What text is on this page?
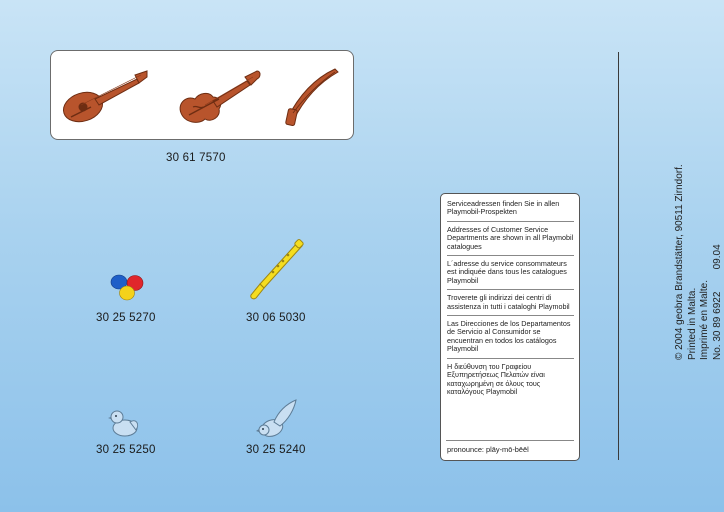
30 61 7570
30 25 5270	30 06 5030
30 25 5250	30 25 5240

Serviceadressen finden Sie in allen Playmobil-Prospekten

Addresses of Customer Service Departments are shown in all Playmobil catalogues

L´adresse du service consommateurs est indiquée dans tous les catalogues Playmobil

Troverete gli indirizzi dei centri di assistenza in tutti i cataloghi Playmobil

Las Direcciones de los Departamentos de Servicio al Consumidor se encuentran en todos los catálogos Playmobil

Η διεύθυνση του Γραφείου Εξυπηρετήσεως Πελατών είναι καταχωρημένη σε όλους τους καταλόγους Playmobil

pronounce: plāy-mō-bēēl
© 2004 geobra Brandstätter, 90511 Zirndorf. Printed in Malta. Imprimé en Malte. No. 30 89 6922        09.04
